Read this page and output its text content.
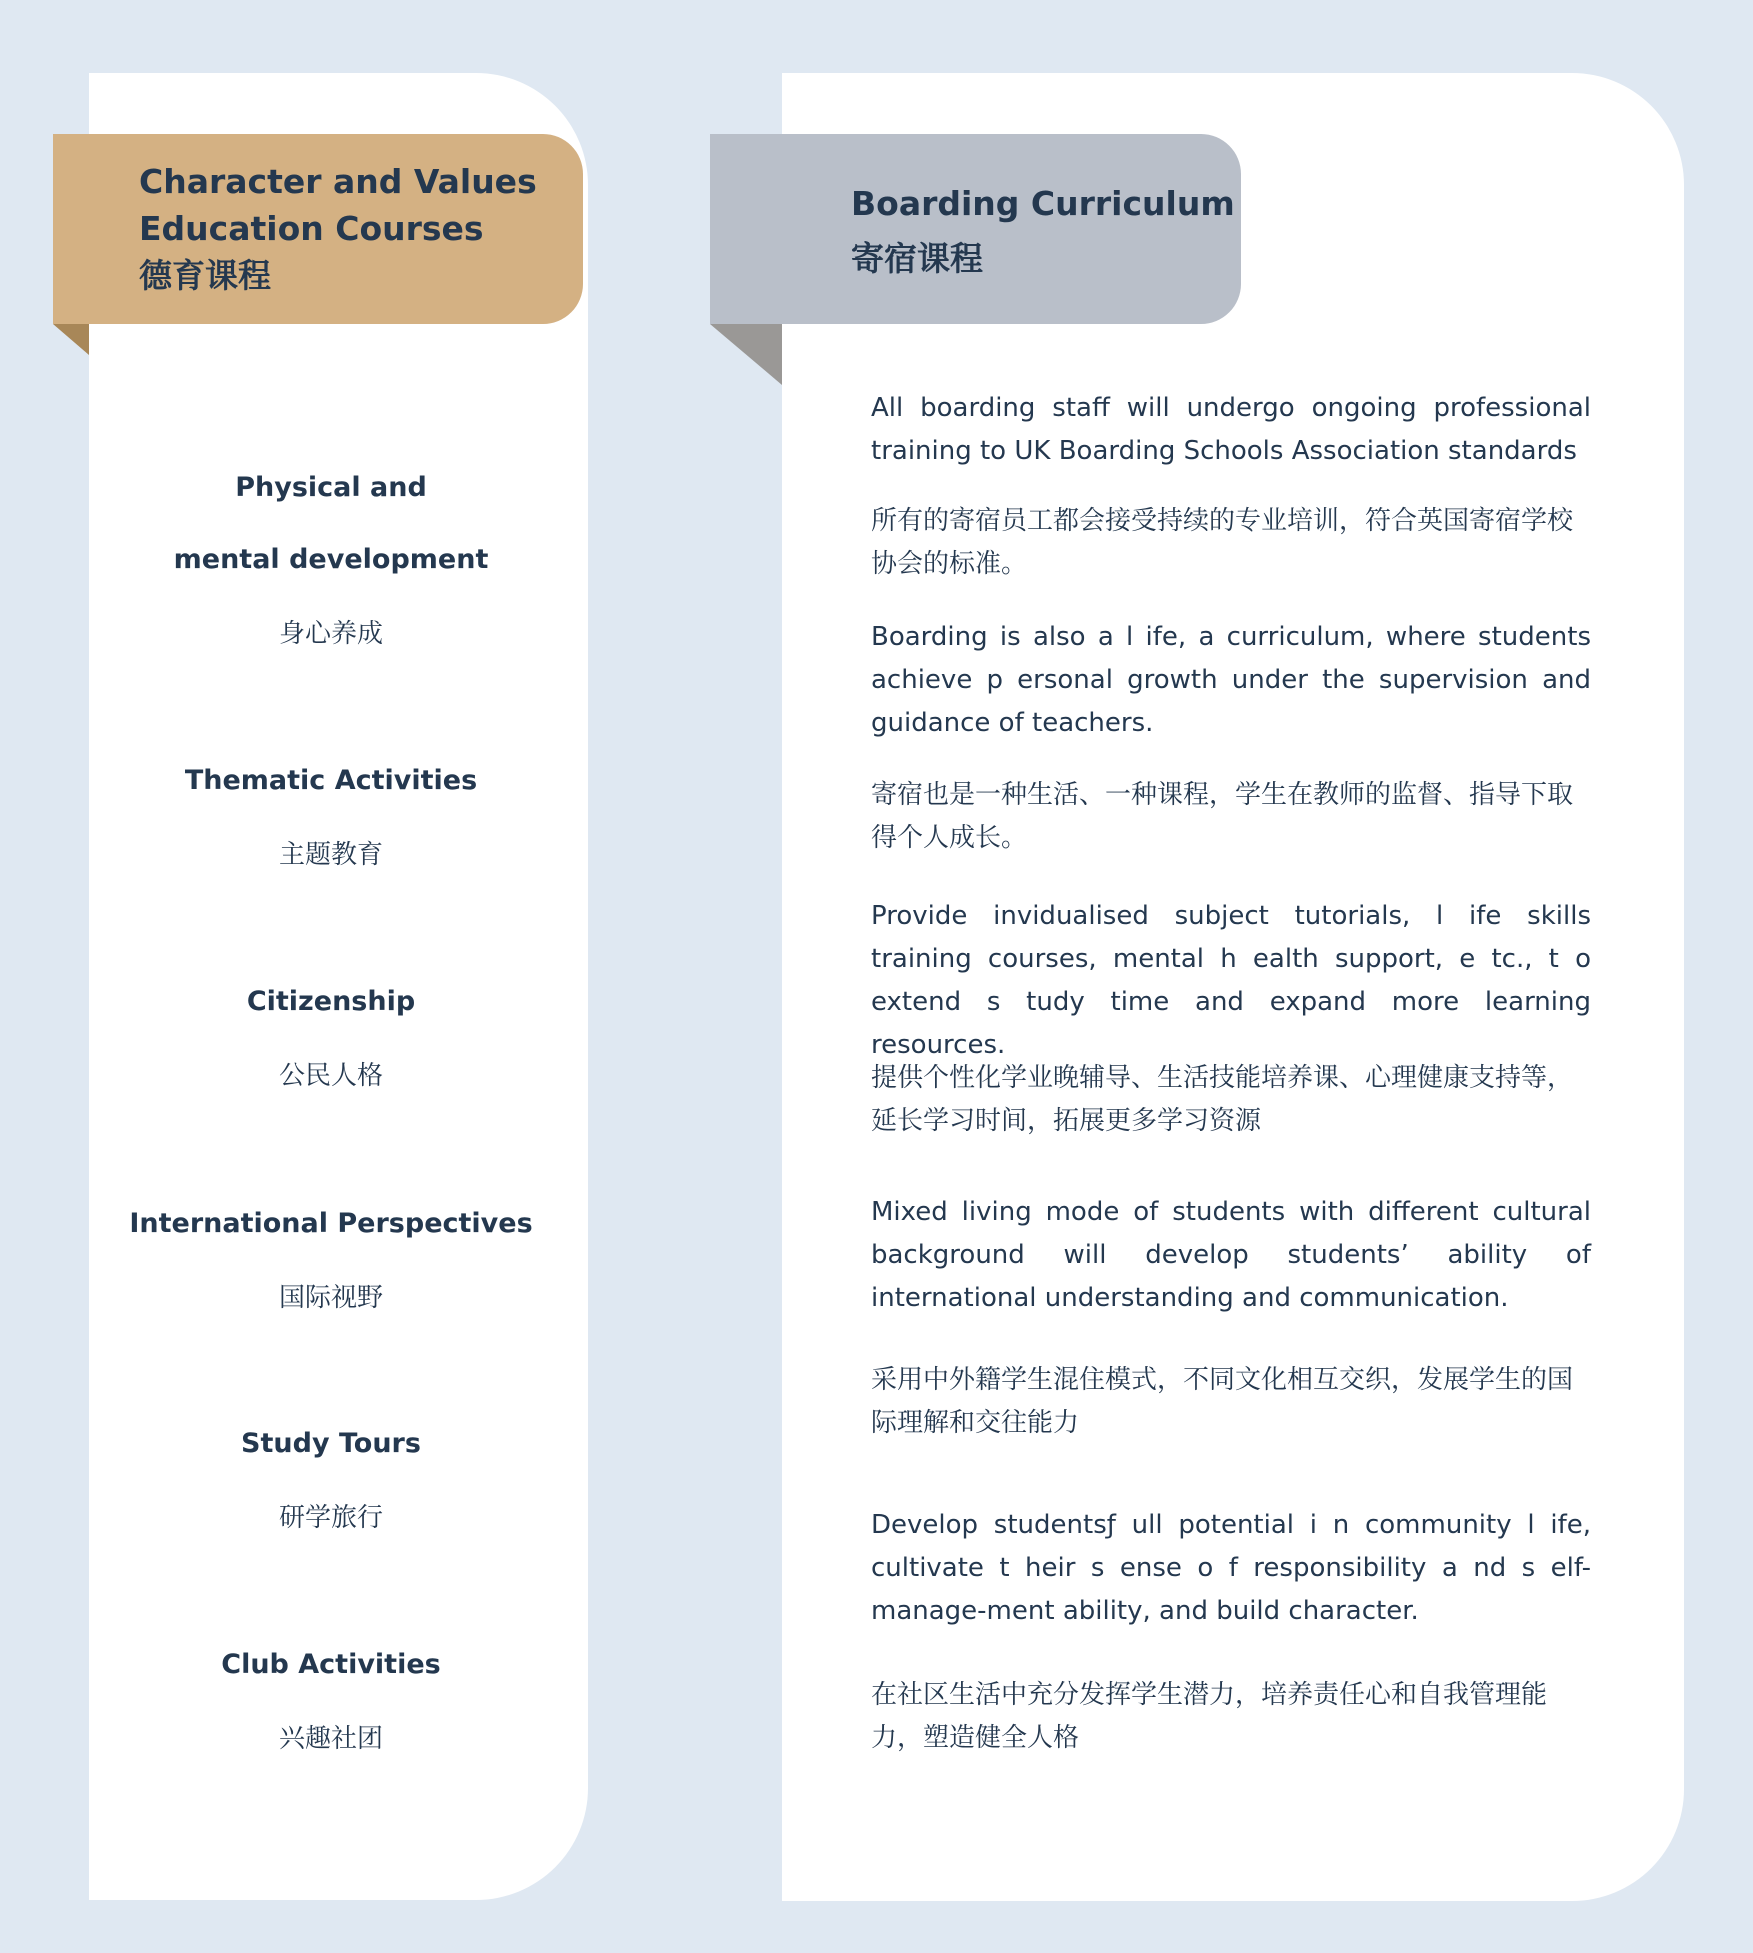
Character and Values
Education Courses
德育课程
Boarding Curriculum
寄宿课程
Physical and
mental development
身心养成
Thematic Activities
主题教育
Citizenship
公民人格
International Perspectives
国际视野
Study Tours
研学旅行
Club Activities
兴趣社团
All boarding staff will undergo ongoing professional training to UK Boarding Schools Association standards
所有的寄宿员工都会接受持续的专业培训，符合英国寄宿学校协会的标准。
Boarding is also a l ife, a curriculum, where students achieve p ersonal growth under the supervision and guidance of teachers.
寄宿也是一种生活、一种课程，学生在教师的监督、指导下取得个人成长。
Provide invidualised subject tutorials, l ife skills training courses, mental h ealth support, e tc., t o extend s tudy time and expand more learning resources.
提供个性化学业晚辅导、生活技能培养课、心理健康支持等，延长学习时间，拓展更多学习资源
Mixed living mode of students with different cultural background will develop students’ ability of international understanding and communication.
采用中外籍学生混住模式，不同文化相互交织，发展学生的国际理解和交往能力
Develop studentsƒ ull potential i n community l ife, cultivate t heir s ense o f responsibility a nd s elf-manage-ment ability, and build character.
在社区生活中充分发挥学生潜力，培养责任心和自我管理能力，塑造健全人格
